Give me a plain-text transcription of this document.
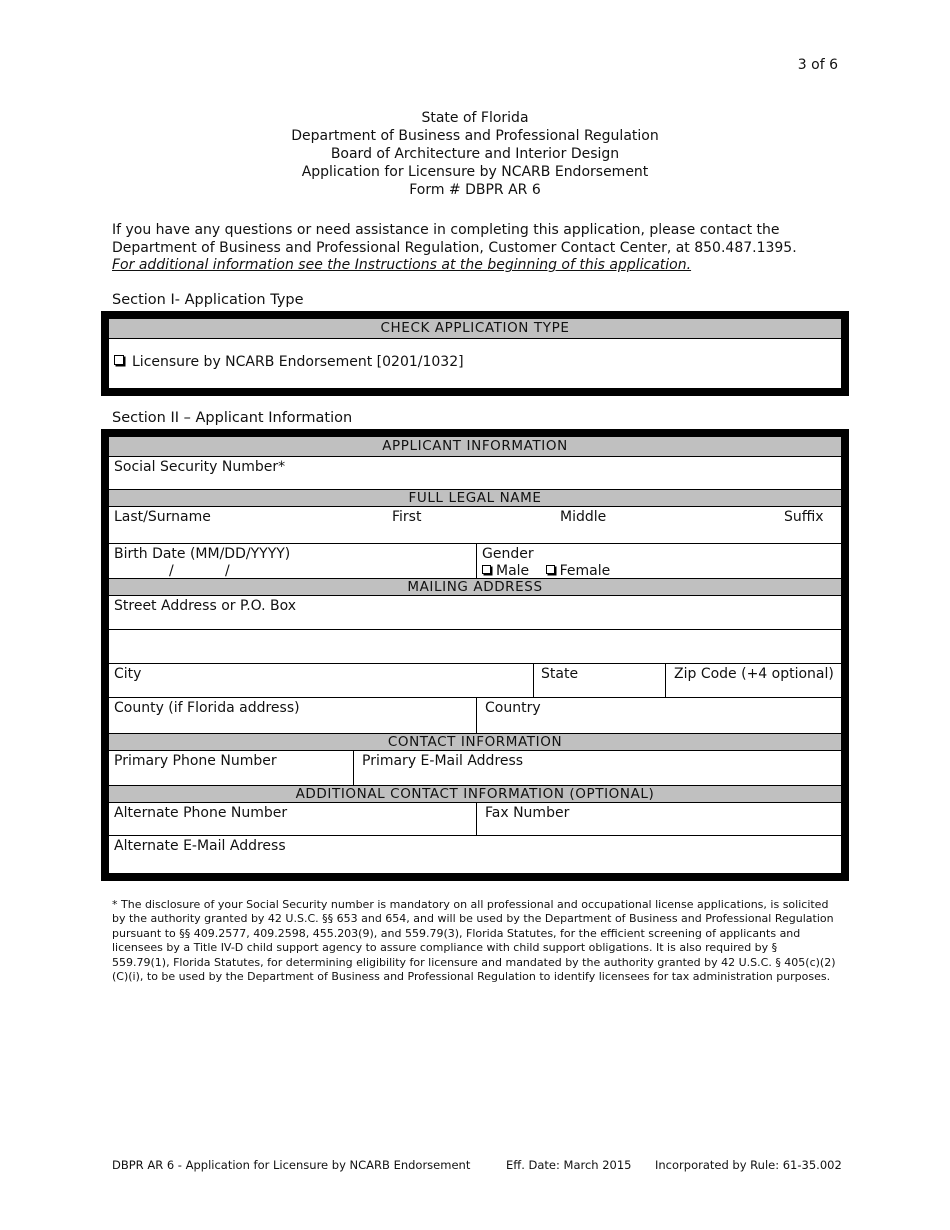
3 of 6
State of Florida
Department of Business and Professional Regulation
Board of Architecture and Interior Design
Application for Licensure by NCARB Endorsement
Form # DBPR AR 6
If you have any questions or need assistance in completing this application, please contact the
Department of Business and Professional Regulation, Customer Contact Center, at 850.487.1395.
For additional information see the Instructions at the beginning of this application.
Section I- Application Type
CHECK APPLICATION TYPE
Licensure by NCARB Endorsement [0201/1032]
Section II – Applicant Information
APPLICANT INFORMATION
Social Security Number*
FULL LEGAL NAME
Last/Surname	First	Middle	Suffix
Birth Date (MM/DD/YYYY)
/	/
Gender
Male Female
MAILING ADDRESS
Street Address or P.O. Box
City	State	Zip Code (+4 optional)
County (if Florida address)	Country
CONTACT INFORMATION
Primary Phone Number	Primary E-Mail Address
ADDITIONAL CONTACT INFORMATION (OPTIONAL)
Alternate Phone Number	Fax Number
Alternate E-Mail Address
* The disclosure of your Social Security number is mandatory on all professional and occupational license applications, is solicited by the authority granted by 42 U.S.C. §§ 653 and 654, and will be used by the Department of Business and Professional Regulation pursuant to §§ 409.2577, 409.2598, 455.203(9), and 559.79(3), Florida Statutes, for the efficient screening of applicants and licensees by a Title IV-D child support agency to assure compliance with child support obligations. It is also required by § 559.79(1), Florida Statutes, for determining eligibility for licensure and mandated by the authority granted by 42 U.S.C. § 405(c)(2)(C)(i), to be used by the Department of Business and Professional Regulation to identify licensees for tax administration purposes.
DBPR AR 6 - Application for Licensure by NCARB Endorsement	Eff. Date: March 2015 Incorporated by Rule: 61-35.002
